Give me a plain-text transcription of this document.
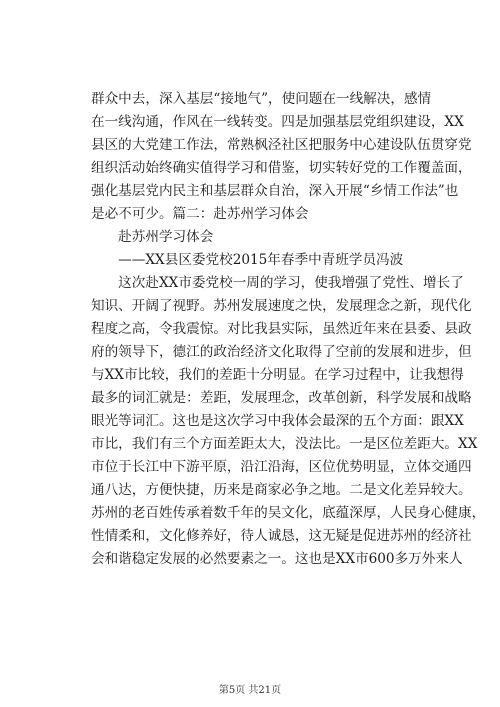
群众中去，深入基层“接地气”，使问题在一线解决，感情
在一线沟通，作风在一线转变。四是加强基层党组织建设，XX
县区的大党建工作法，常熟枫泾社区把服务中心建设队伍贯穿党
组织活动始终确实值得学习和借鉴，切实转好党的工作覆盖面，
强化基层党内民主和基层群众自治，深入开展“乡情工作法”也
是必不可少。篇二：赴苏州学习体会
　　赴苏州学习体会
　　——XX县区委党校2015年春季中青班学员冯波
　　这次赴XX市委党校一周的学习，使我增强了党性、增长了
知识、开阔了视野。苏州发展速度之快，发展理念之新，现代化
程度之高，令我震惊。对比我县实际，虽然近年来在县委、县政
府的领导下，德江的政治经济文化取得了空前的发展和进步，但
与XX市比较，我们的差距十分明显。在学习过程中，让我想得
最多的词汇就是：差距，发展理念，改革创新，科学发展和战略
眼光等词汇。这也是这次学习中我体会最深的五个方面：跟XX
市比，我们有三个方面差距太大，没法比。一是区位差距大。XX
市位于长江中下游平原，沿江沿海，区位优势明显，立体交通四
通八达，方便快捷，历来是商家必争之地。二是文化差异较大。
苏州的老百姓传承着数千年的吴文化，底蕴深厚，人民身心健康，
性情柔和，文化修养好，待人诚恳，这无疑是促进苏州的经济社
会和谐稳定发展的必然要素之一。这也是XX市600多万外来人
第5页 共21页
